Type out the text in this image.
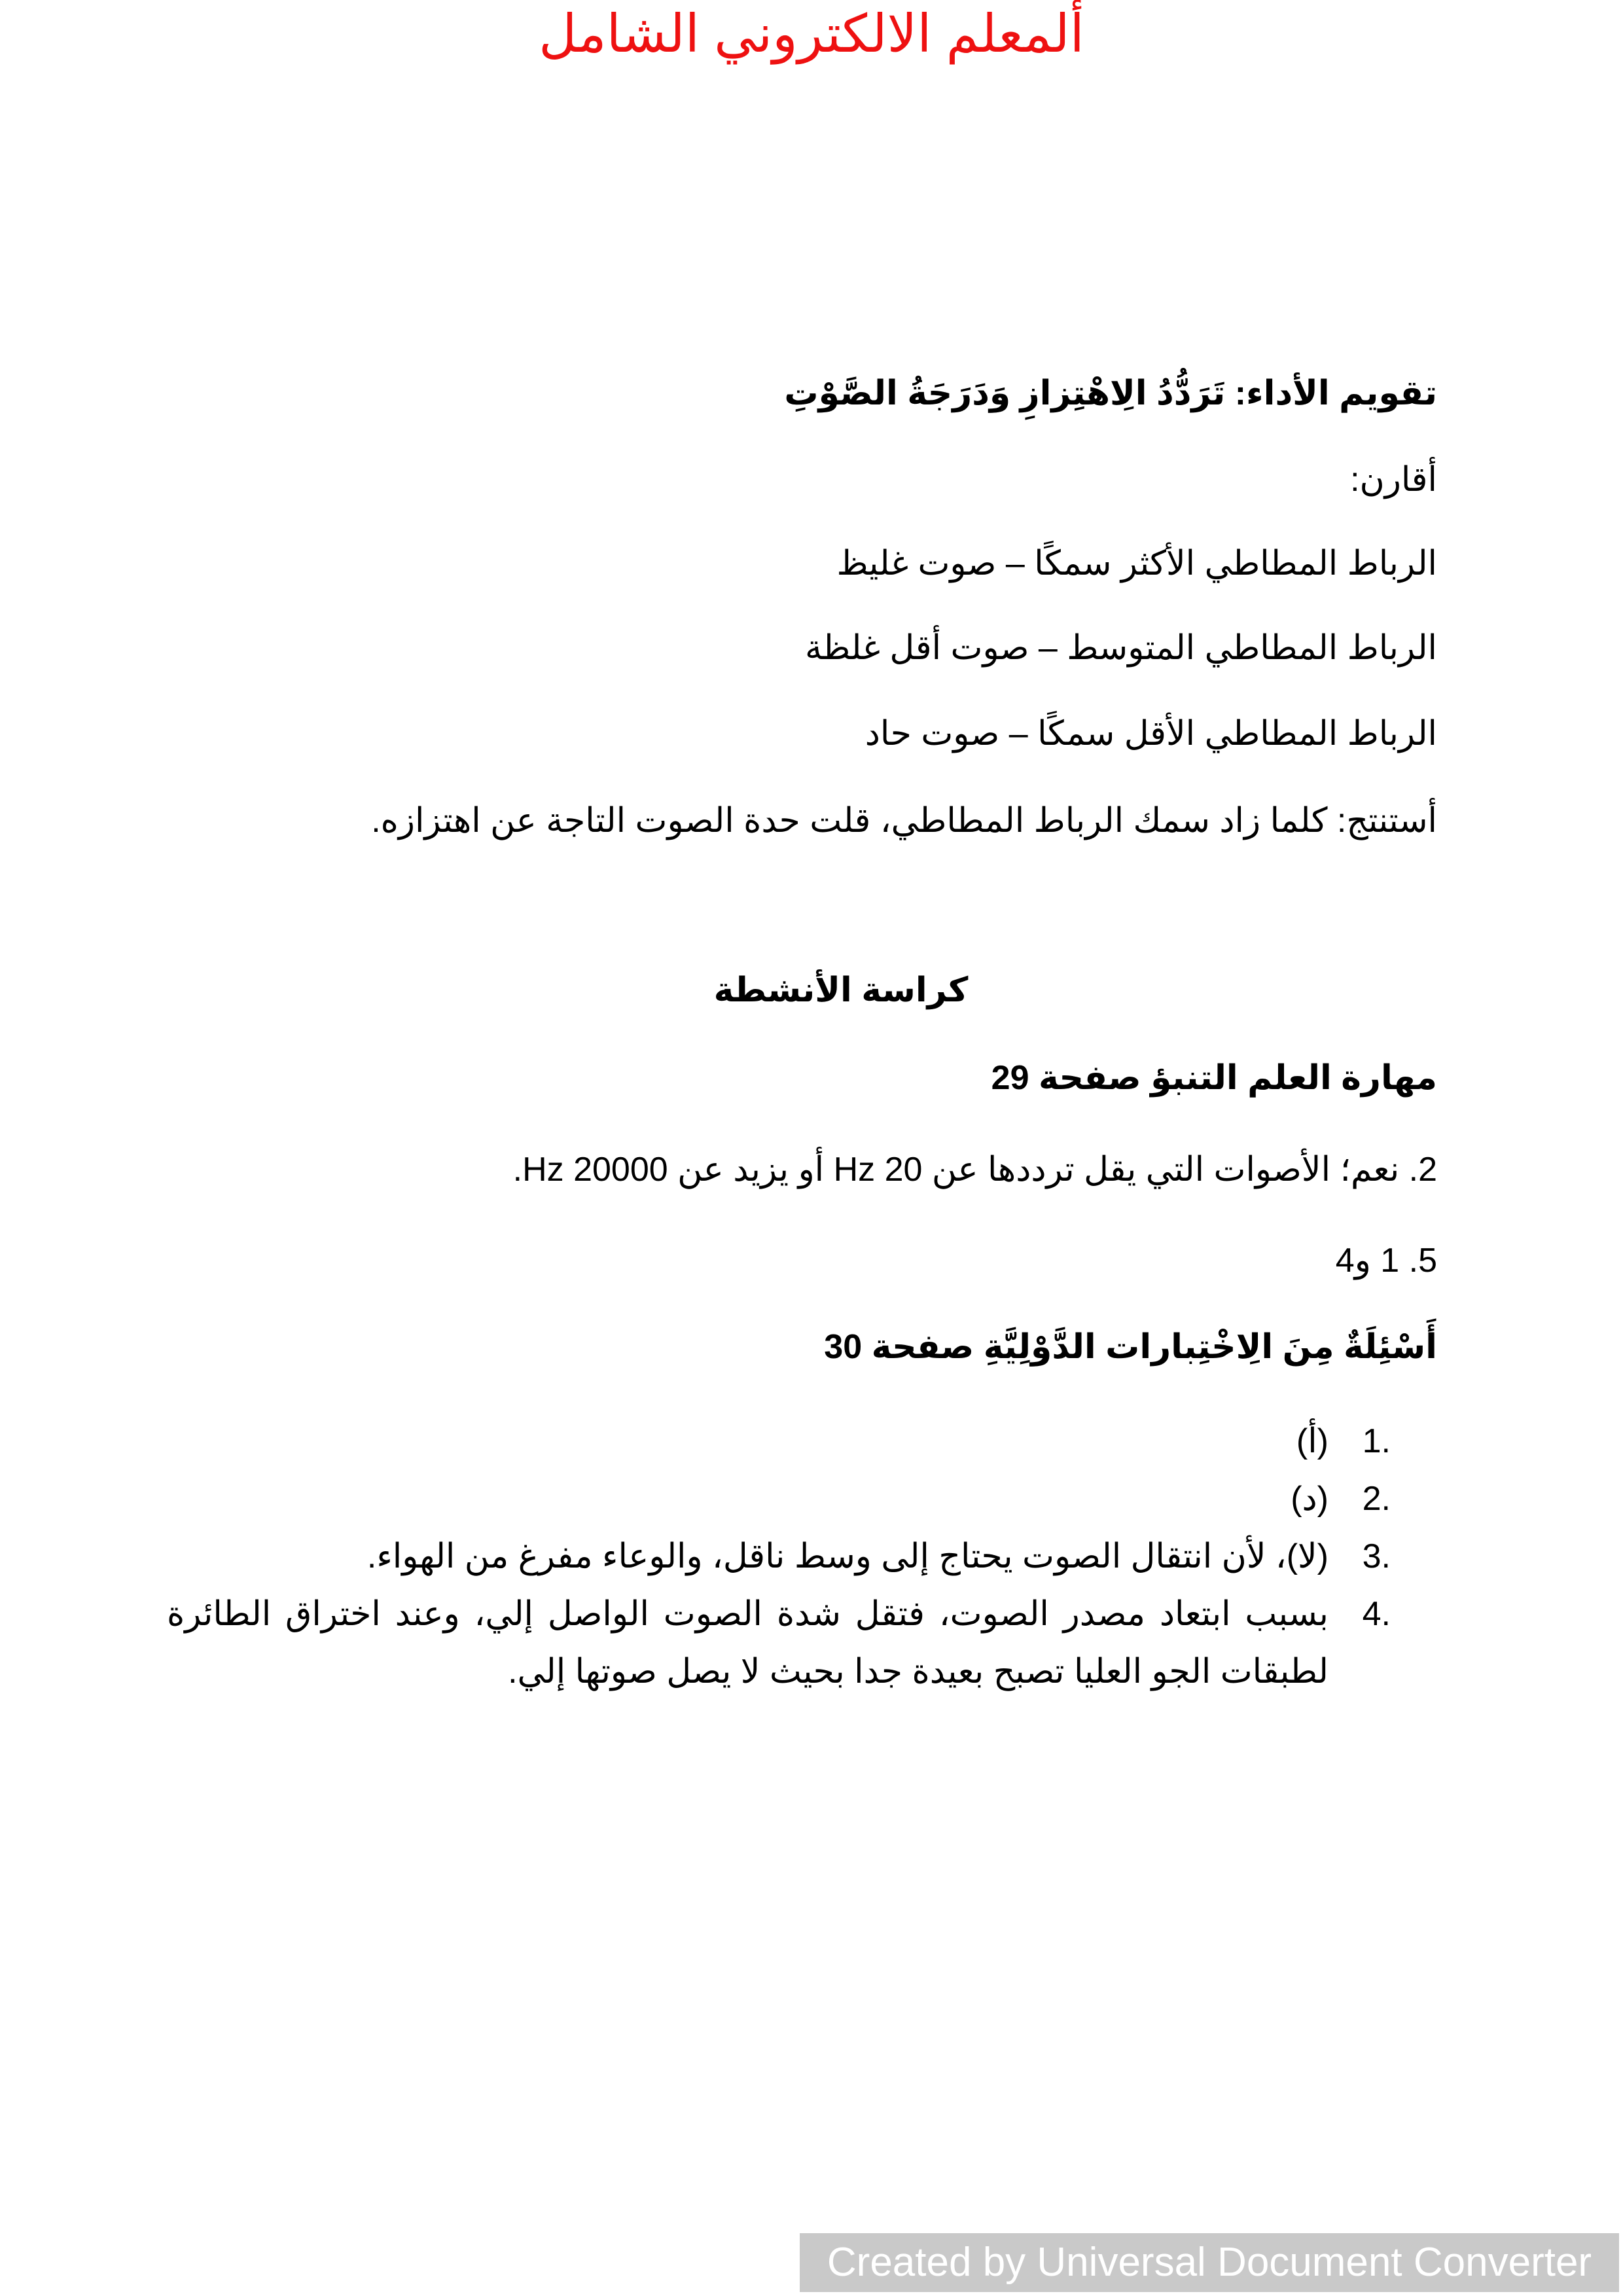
ألمعلم الالكتروني الشامل
تقويم الأداء: تَرَدُّدُ الِاهْتِزازِ وَدَرَجَةُ الصَّوْتِ
أقارن:
الرباط المطاطي الأكثر سمكًا – صوت غليظ
الرباط المطاطي المتوسط – صوت أقل غلظة
الرباط المطاطي الأقل سمكًا – صوت حاد
أستنتج: كلما زاد سمك الرباط المطاطي، قلت حدة الصوت التاجة عن اهتزازه.
كراسة الأنشطة
مهارة العلم التنبؤ صفحة 29
2. نعم؛ الأصوات التي يقل ترددها عن 20 Hz أو يزيد عن 20000 Hz.
5. 1 و4
أَسْئِلَةٌ مِنَ الِاخْتِبارات الدَّوْلِيَّةِ صفحة 30
1.
(أ)
2.
(د)
3.
(لا)، لأن انتقال الصوت يحتاج إلى وسط ناقل، والوعاء مفرغ من الهواء.
4.
بسبب ابتعاد مصدر الصوت، فتقل شدة الصوت الواصل إلي، وعند اختراق الطائرة لطبقات الجو العليا تصبح بعيدة جدا بحيث لا يصل صوتها إلي.
Created by Universal Document Converter
